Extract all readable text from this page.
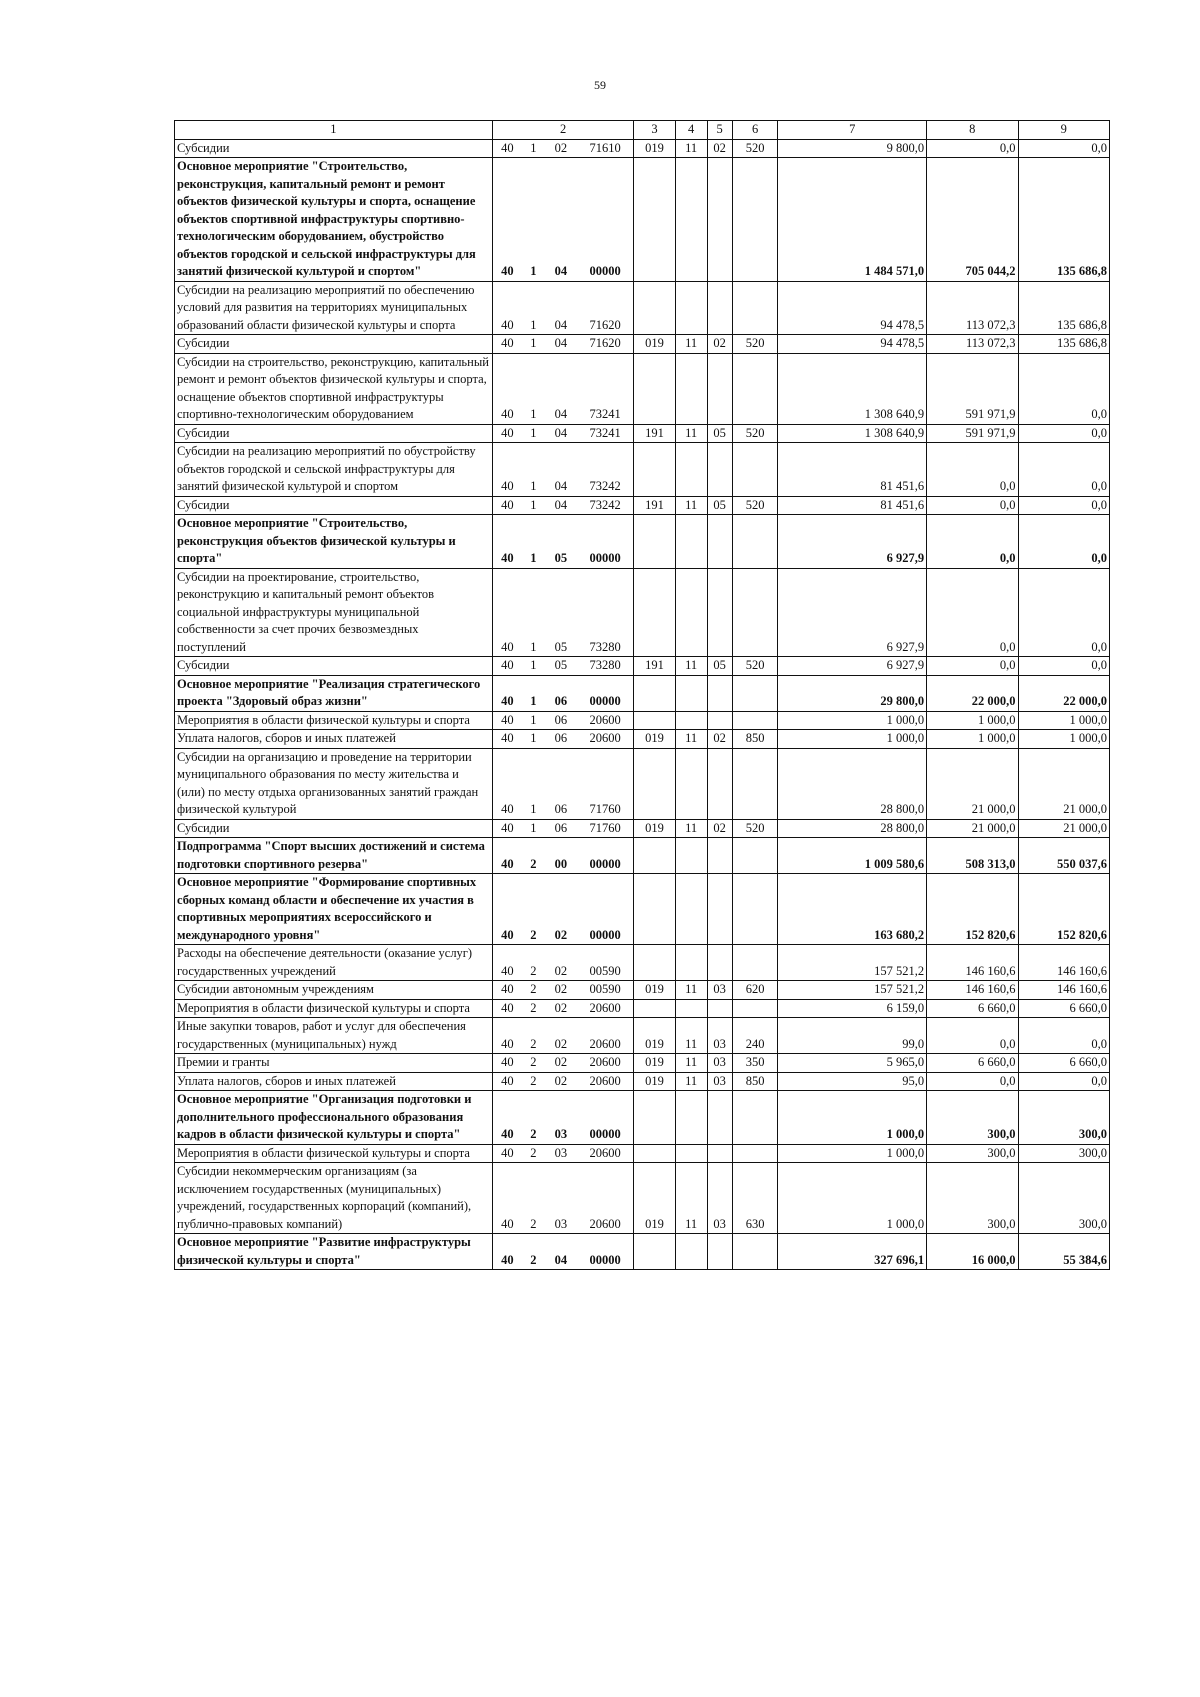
59
1	2				3	4	5	6	7	8	9
Субсидии	40	1	02	71610	019	11	02	520	9 800,0	0,0	0,0
Основное мероприятие "Строительство, реконструкция, капитальный ремонт и ремонт объектов физической культуры и спорта, оснащение объектов спортивной инфраструктуры спортивно-технологическим оборудованием, обустройство объектов городской и сельской инфраструктуры для занятий физической культурой и спортом"	40	1	04	00000					1 484 571,0	705 044,2	135 686,8
Субсидии на реализацию мероприятий по обеспечению условий для развития на территориях муниципальных образований области физической культуры и спорта	40	1	04	71620					94 478,5	113 072,3	135 686,8
Субсидии	40	1	04	71620	019	11	02	520	94 478,5	113 072,3	135 686,8
Субсидии на строительство, реконструкцию, капитальный ремонт и ремонт объектов физической культуры и спорта, оснащение объектов спортивной инфраструктуры спортивно-технологическим оборудованием	40	1	04	73241					1 308 640,9	591 971,9	0,0
Субсидии	40	1	04	73241	191	11	05	520	1 308 640,9	591 971,9	0,0
Субсидии на реализацию мероприятий по обустройству объектов городской и сельской инфраструктуры для занятий физической культурой и спортом	40	1	04	73242					81 451,6	0,0	0,0
Субсидии	40	1	04	73242	191	11	05	520	81 451,6	0,0	0,0
Основное мероприятие "Строительство, реконструкция объектов физической культуры и спорта"	40	1	05	00000					6 927,9	0,0	0,0
Субсидии на проектирование, строительство, реконструкцию и капитальный ремонт объектов социальной инфраструктуры муниципальной собственности за счет прочих безвозмездных поступлений	40	1	05	73280					6 927,9	0,0	0,0
Субсидии	40	1	05	73280	191	11	05	520	6 927,9	0,0	0,0
Основное мероприятие "Реализация стратегического проекта "Здоровый образ жизни"	40	1	06	00000					29 800,0	22 000,0	22 000,0
Мероприятия в области физической культуры и спорта	40	1	06	20600					1 000,0	1 000,0	1 000,0
Уплата налогов, сборов и иных платежей	40	1	06	20600	019	11	02	850	1 000,0	1 000,0	1 000,0
Субсидии на организацию и проведение на территории муниципального образования по месту жительства и (или) по месту отдыха организованных занятий граждан физической культурой	40	1	06	71760					28 800,0	21 000,0	21 000,0
Субсидии	40	1	06	71760	019	11	02	520	28 800,0	21 000,0	21 000,0
Подпрограмма "Спорт высших достижений и система подготовки спортивного резерва"	40	2	00	00000					1 009 580,6	508 313,0	550 037,6
Основное мероприятие "Формирование спортивных сборных команд области и обеспечение их участия в спортивных мероприятиях всероссийского и международного уровня"	40	2	02	00000					163 680,2	152 820,6	152 820,6
Расходы на обеспечение деятельности (оказание услуг) государственных учреждений	40	2	02	00590					157 521,2	146 160,6	146 160,6
Субсидии автономным учреждениям	40	2	02	00590	019	11	03	620	157 521,2	146 160,6	146 160,6
Мероприятия в области физической культуры и спорта	40	2	02	20600					6 159,0	6 660,0	6 660,0
Иные закупки товаров, работ и услуг для обеспечения государственных (муниципальных) нужд	40	2	02	20600	019	11	03	240	99,0	0,0	0,0
Премии и гранты	40	2	02	20600	019	11	03	350	5 965,0	6 660,0	6 660,0
Уплата налогов, сборов и иных платежей	40	2	02	20600	019	11	03	850	95,0	0,0	0,0
Основное мероприятие "Организация подготовки и дополнительного профессионального образования кадров в области физической культуры и спорта"	40	2	03	00000					1 000,0	300,0	300,0
Мероприятия в области физической культуры и спорта	40	2	03	20600					1 000,0	300,0	300,0
Субсидии некоммерческим организациям (за исключением государственных (муниципальных) учреждений, государственных корпораций (компаний), публично-правовых компаний)	40	2	03	20600	019	11	03	630	1 000,0	300,0	300,0
Основное мероприятие "Развитие инфраструктуры физической культуры и спорта"	40	2	04	00000					327 696,1	16 000,0	55 384,6
